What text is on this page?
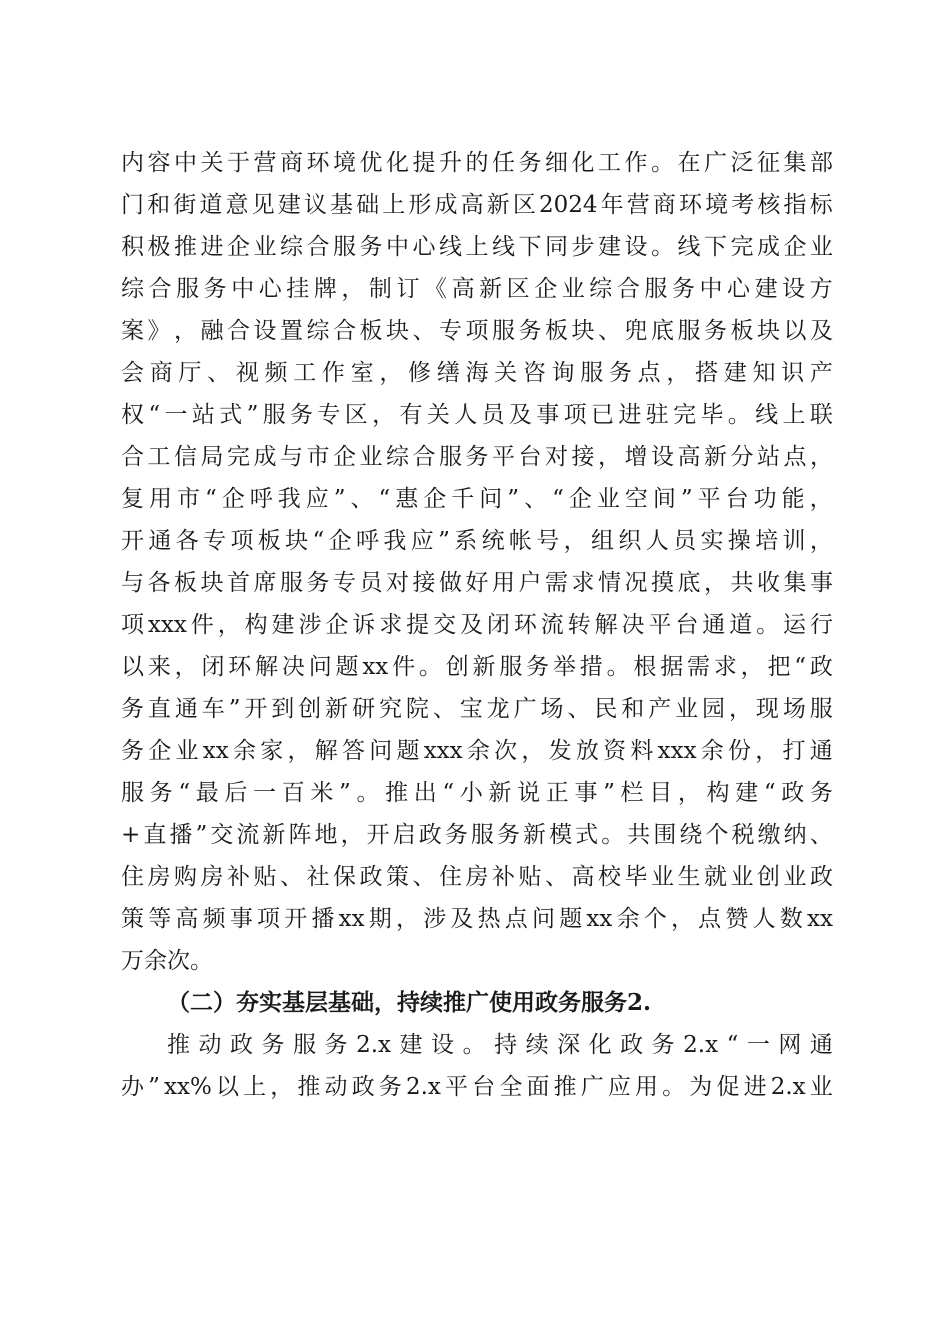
内 容 中 关 于 营 商 环 境 优 化 提 升 的 任 务 细 化 工 作 。 在 广 泛 征 集 部
门 和 街 道 意 见 建 议 基 础 上 形 成 高 新 区 2024 年 营 商 环 境 考 核 指 标
积 极 推 进 企 业 综 合 服 务 中 心 线 上 线 下 同 步 建 设 。 线 下 完 成 企 业
综 合 服 务 中 心 挂 牌 ， 制 订 《 高 新 区 企 业 综 合 服 务 中 心 建 设 方
案 》 ， 融 合 设 置 综 合 板 块 、 专 项 服 务 板 块 、 兜 底 服 务 板 块 以 及
会 商 厅 、 视 频 工 作 室 ， 修 缮 海 关 咨 询 服 务 点 ， 搭 建 知 识 产
权 “ 一 站 式 ” 服 务 专 区 ， 有 关 人 员 及 事 项 已 进 驻 完 毕 。 线 上 联
合 工 信 局 完 成 与 市 企 业 综 合 服 务 平 台 对 接 ， 增 设 高 新 分 站 点 ，
复 用 市 “ 企 呼 我 应 ” 、 “ 惠 企 千 问 ” 、 “ 企 业 空 间 ” 平 台 功 能 ，
开 通 各 专 项 板 块 “ 企 呼 我 应 ” 系 统 帐 号 ， 组 织 人 员 实 操 培 训 ，
与 各 板 块 首 席 服 务 专 员 对 接 做 好 用 户 需 求 情 况 摸 底 ， 共 收 集 事
项 xxx 件 ， 构 建 涉 企 诉 求 提 交 及 闭 环 流 转 解 决 平 台 通 道 。 运 行
以 来 ， 闭 环 解 决 问 题 xx 件 。 创 新 服 务 举 措 。 根 据 需 求 ， 把 “ 政
务 直 通 车 ” 开 到 创 新 研 究 院 、 宝 龙 广 场 、 民 和 产 业 园 ， 现 场 服
务 企 业 xx 余 家 ， 解 答 问 题 xxx 余 次 ， 发 放 资 料 xxx 余 份 ， 打 通
服 务 “ 最 后 一 百 米 ” 。 推 出 “ 小 新 说 正 事 ” 栏 目 ， 构 建 “ 政 务
+ 直 播 ” 交 流 新 阵 地 ， 开 启 政 务 服 务 新 模 式 。 共 围 绕 个 税 缴 纳 、
住 房 购 房 补 贴 、 社 保 政 策 、 住 房 补 贴 、 高 校 毕 业 生 就 业 创 业 政
策 等 高 频 事 项 开 播 xx 期 ， 涉 及 热 点 问 题 xx 余 个 ， 点 赞 人 数 xx
万余次。
（二）夯实基层基础，持续推广使用政务服务2.
推 动 政 务 服 务 2.x 建 设 。 持 续 深 化 政 务 2.x “ 一 网 通
办 ” xx% 以 上 ， 推 动 政 务 2.x 平 台 全 面 推 广 应 用 。 为 促 进 2.x 业
